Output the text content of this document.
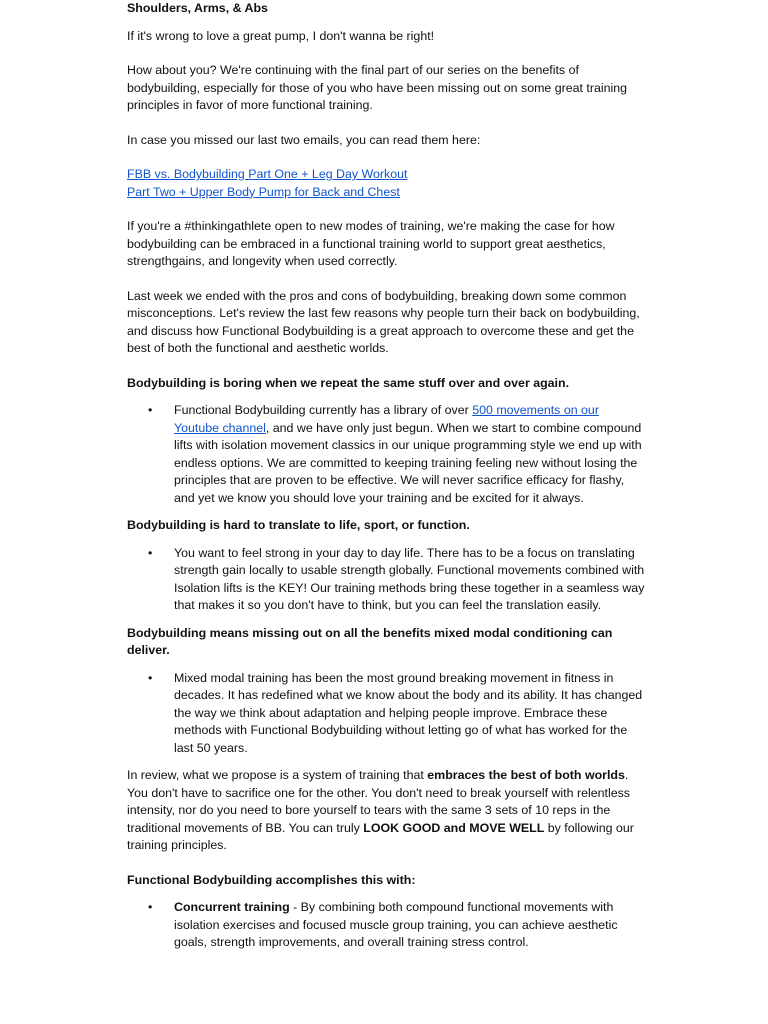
Shoulders, Arms, & Abs

If it's wrong to love a great pump, I don't wanna be right!

How about you? We're continuing with the final part of our series on the benefits of bodybuilding, especially for those of you who have been missing out on some great training principles in favor of more functional training.

In case you missed our last two emails, you can read them here:

FBB vs. Bodybuilding Part One + Leg Day Workout

Part Two + Upper Body Pump for Back and Chest

If you're a #thinkingathlete open to new modes of training, we're making the case for how bodybuilding can be embraced in a functional training world to support great aesthetics, strengthgains, and longevity when used correctly.

Last week we ended with the pros and cons of bodybuilding, breaking down some common misconceptions. Let's review the last few reasons why people turn their back on bodybuilding, and discuss how Functional Bodybuilding is a great approach to overcome these and get the best of both the functional and aesthetic worlds.

Bodybuilding is boring when we repeat the same stuff over and over again.

• Functional Bodybuilding currently has a library of over 500 movements on our Youtube channel, and we have only just begun. When we start to combine compound lifts with isolation movement classics in our unique programming style we end up with endless options. We are committed to keeping training feeling new without losing the principles that are proven to be effective. We will never sacrifice efficacy for flashy, and yet we know you should love your training and be excited for it always.

Bodybuilding is hard to translate to life, sport, or function.

• You want to feel strong in your day to day life. There has to be a focus on translating strength gain locally to usable strength globally. Functional movements combined with Isolation lifts is the KEY! Our training methods bring these together in a seamless way that makes it so you don't have to think, but you can feel the translation easily.

Bodybuilding means missing out on all the benefits mixed modal conditioning can deliver.

• Mixed modal training has been the most ground breaking movement in fitness in decades. It has redefined what we know about the body and its ability. It has changed the way we think about adaptation and helping people improve. Embrace these methods with Functional Bodybuilding without letting go of what has worked for the last 50 years.

In review, what we propose is a system of training that embraces the best of both worlds. You don't have to sacrifice one for the other. You don't need to break yourself with relentless intensity, nor do you need to bore yourself to tears with the same 3 sets of 10 reps in the traditional movements of BB. You can truly LOOK GOOD and MOVE WELL by following our training principles.

Functional Bodybuilding accomplishes this with:

• Concurrent training - By combining both compound functional movements with isolation exercises and focused muscle group training, you can achieve aesthetic goals, strength improvements, and overall training stress control.
